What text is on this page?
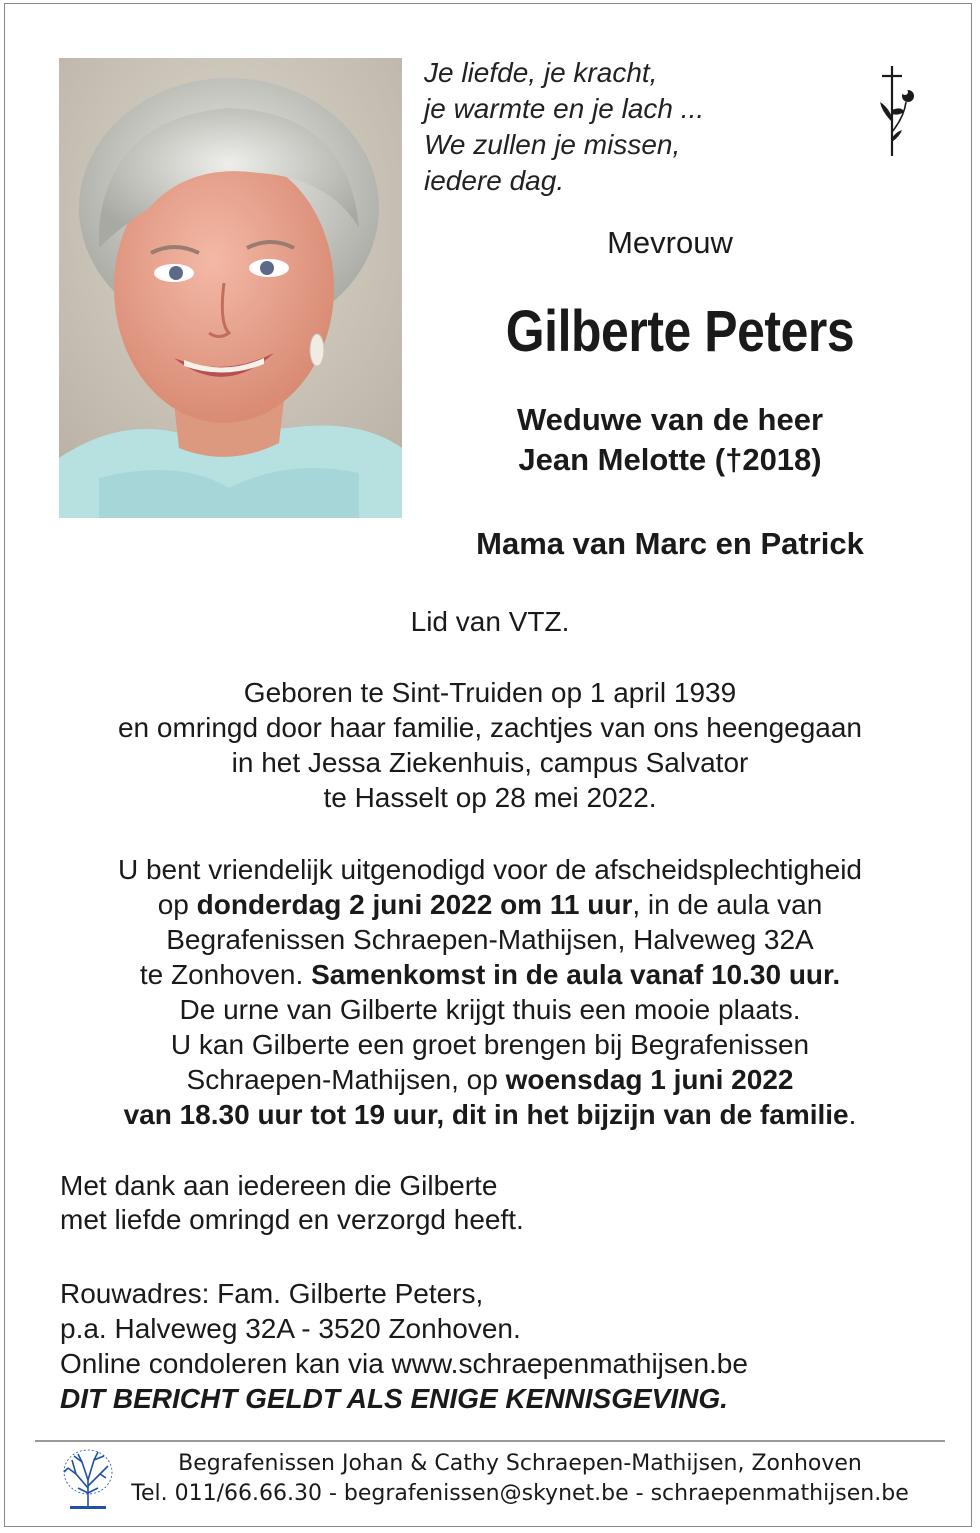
Je liefde, je kracht,
je warmte en je lach ...
We zullen je missen,
iedere dag.
Mevrouw
Gilberte Peters
Weduwe van de heer
Jean Melotte (†2018)
Mama van Marc en Patrick
Lid van VTZ.
Geboren te Sint-Truiden op 1 april 1939
en omringd door haar familie, zachtjes van ons heengegaan
in het Jessa Ziekenhuis, campus Salvator
te Hasselt op 28 mei 2022.
U bent vriendelijk uitgenodigd voor de afscheidsplechtigheid
op donderdag 2 juni 2022 om 11 uur, in de aula van
Begrafenissen Schraepen-Mathijsen, Halveweg 32A
te Zonhoven. Samenkomst in de aula vanaf 10.30 uur.
De urne van Gilberte krijgt thuis een mooie plaats.
U kan Gilberte een groet brengen bij Begrafenissen
Schraepen-Mathijsen, op woensdag 1 juni 2022
van 18.30 uur tot 19 uur, dit in het bijzijn van de familie.
Met dank aan iedereen die Gilberte
met liefde omringd en verzorgd heeft.
Rouwadres: Fam. Gilberte Peters,
p.a. Halveweg 32A - 3520 Zonhoven.
Online condoleren kan via www.schraepenmathijsen.be
DIT BERICHT GELDT ALS ENIGE KENNISGEVING.
Begrafenissen Johan & Cathy Schraepen-Mathijsen, Zonhoven
Tel. 011/66.66.30 - begrafenissen@skynet.be - schraepenmathijsen.be
